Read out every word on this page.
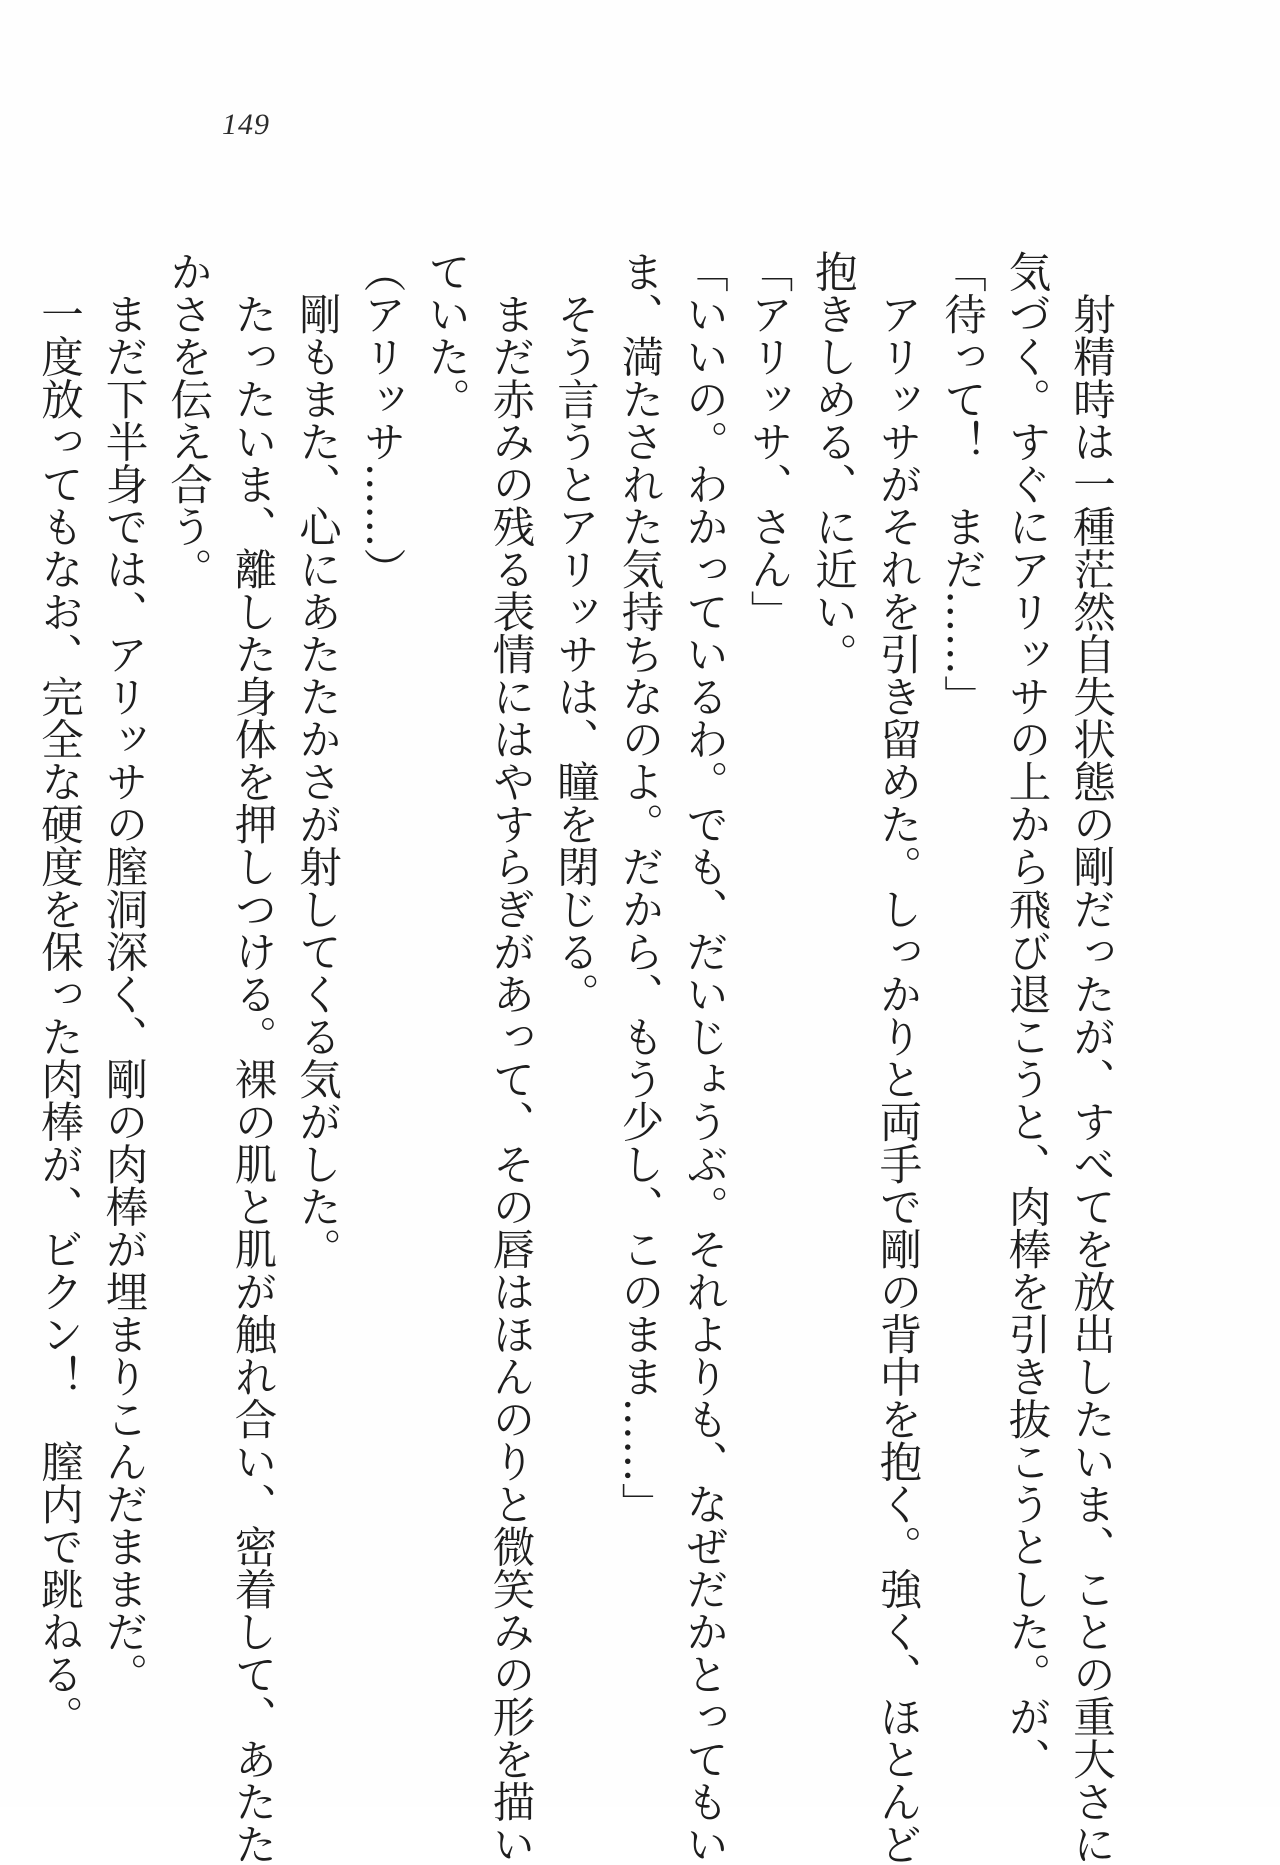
149
　射精時は一種茫然自失状態の剛だったが、すべてを放出したいま、ことの重大さに
気づく。すぐにアリッサの上から飛び退こうと、肉棒を引き抜こうとした。が、
「待って！　まだ……」
　アリッサがそれを引き留めた。しっかりと両手で剛の背中を抱く。強く、ほとんど
抱きしめる、に近い。
「アリッサ、さん」
「いいの。わかっているわ。でも、だいじょうぶ。それよりも、なぜだかとってもい
ま、満たされた気持ちなのよ。だから、もう少し、このまま……」
　そう言うとアリッサは、瞳を閉じる。
　まだ赤みの残る表情にはやすらぎがあって、その唇はほんのりと微笑みの形を描い
ていた。
（アリッサ……）
　剛もまた、心にあたたかさが射してくる気がした。
　たったいま、離した身体を押しつける。裸の肌と肌が触れ合い、密着して、あたた
かさを伝え合う。
　まだ下半身では、アリッサの膣洞深く、剛の肉棒が埋まりこんだままだ。
　一度放ってもなお、完全な硬度を保った肉棒が、ビクン！　膣内で跳ねる。
